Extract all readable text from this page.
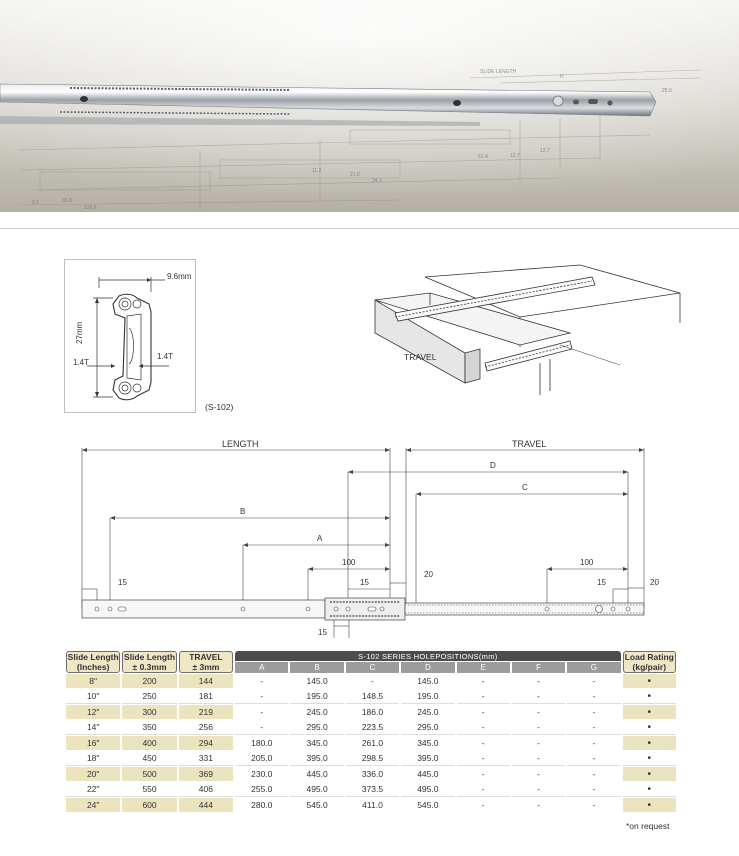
SLIDE LENGTH
H
25.0
12.7
51.4	12.7
11.2
21.6
34.3
9.1	39.3
128.6
9.6mm
27mm
1.4T
1.4T
(S-102)
TRAVEL
LENGTH	TRAVEL
D
C
B
A
100	100
15	15	15
15
20
20
Slide Length
(Inches)	Slide Length
± 0.3mm	TRAVEL
± 3mm	S-102 SERIES HOLEPOSITIONS(mm)							Load Rating
(kg/pair)
			A	B	C	D	E	F	G	
8"	200	144	-	145.0	-	145.0	-	-	-	•
10"	250	181	-	195.0	148.5	195.0	-	-	-	•
12"	300	219	-	245.0	186.0	245.0	-	-	-	•
14"	350	256	-	295.0	223.5	295.0	-	-	-	•
16"	400	294	180.0	345.0	261.0	345.0	-	-	-	•
18"	450	331	205.0	395.0	298.5	395.0	-	-	-	•
20"	500	369	230.0	445.0	336.0	445.0	-	-	-	•
22"	550	406	255.0	495.0	373.5	495.0	-	-	-	•
24"	600	444	280.0	545.0	411.0	545.0	-	-	-	•
*on request
